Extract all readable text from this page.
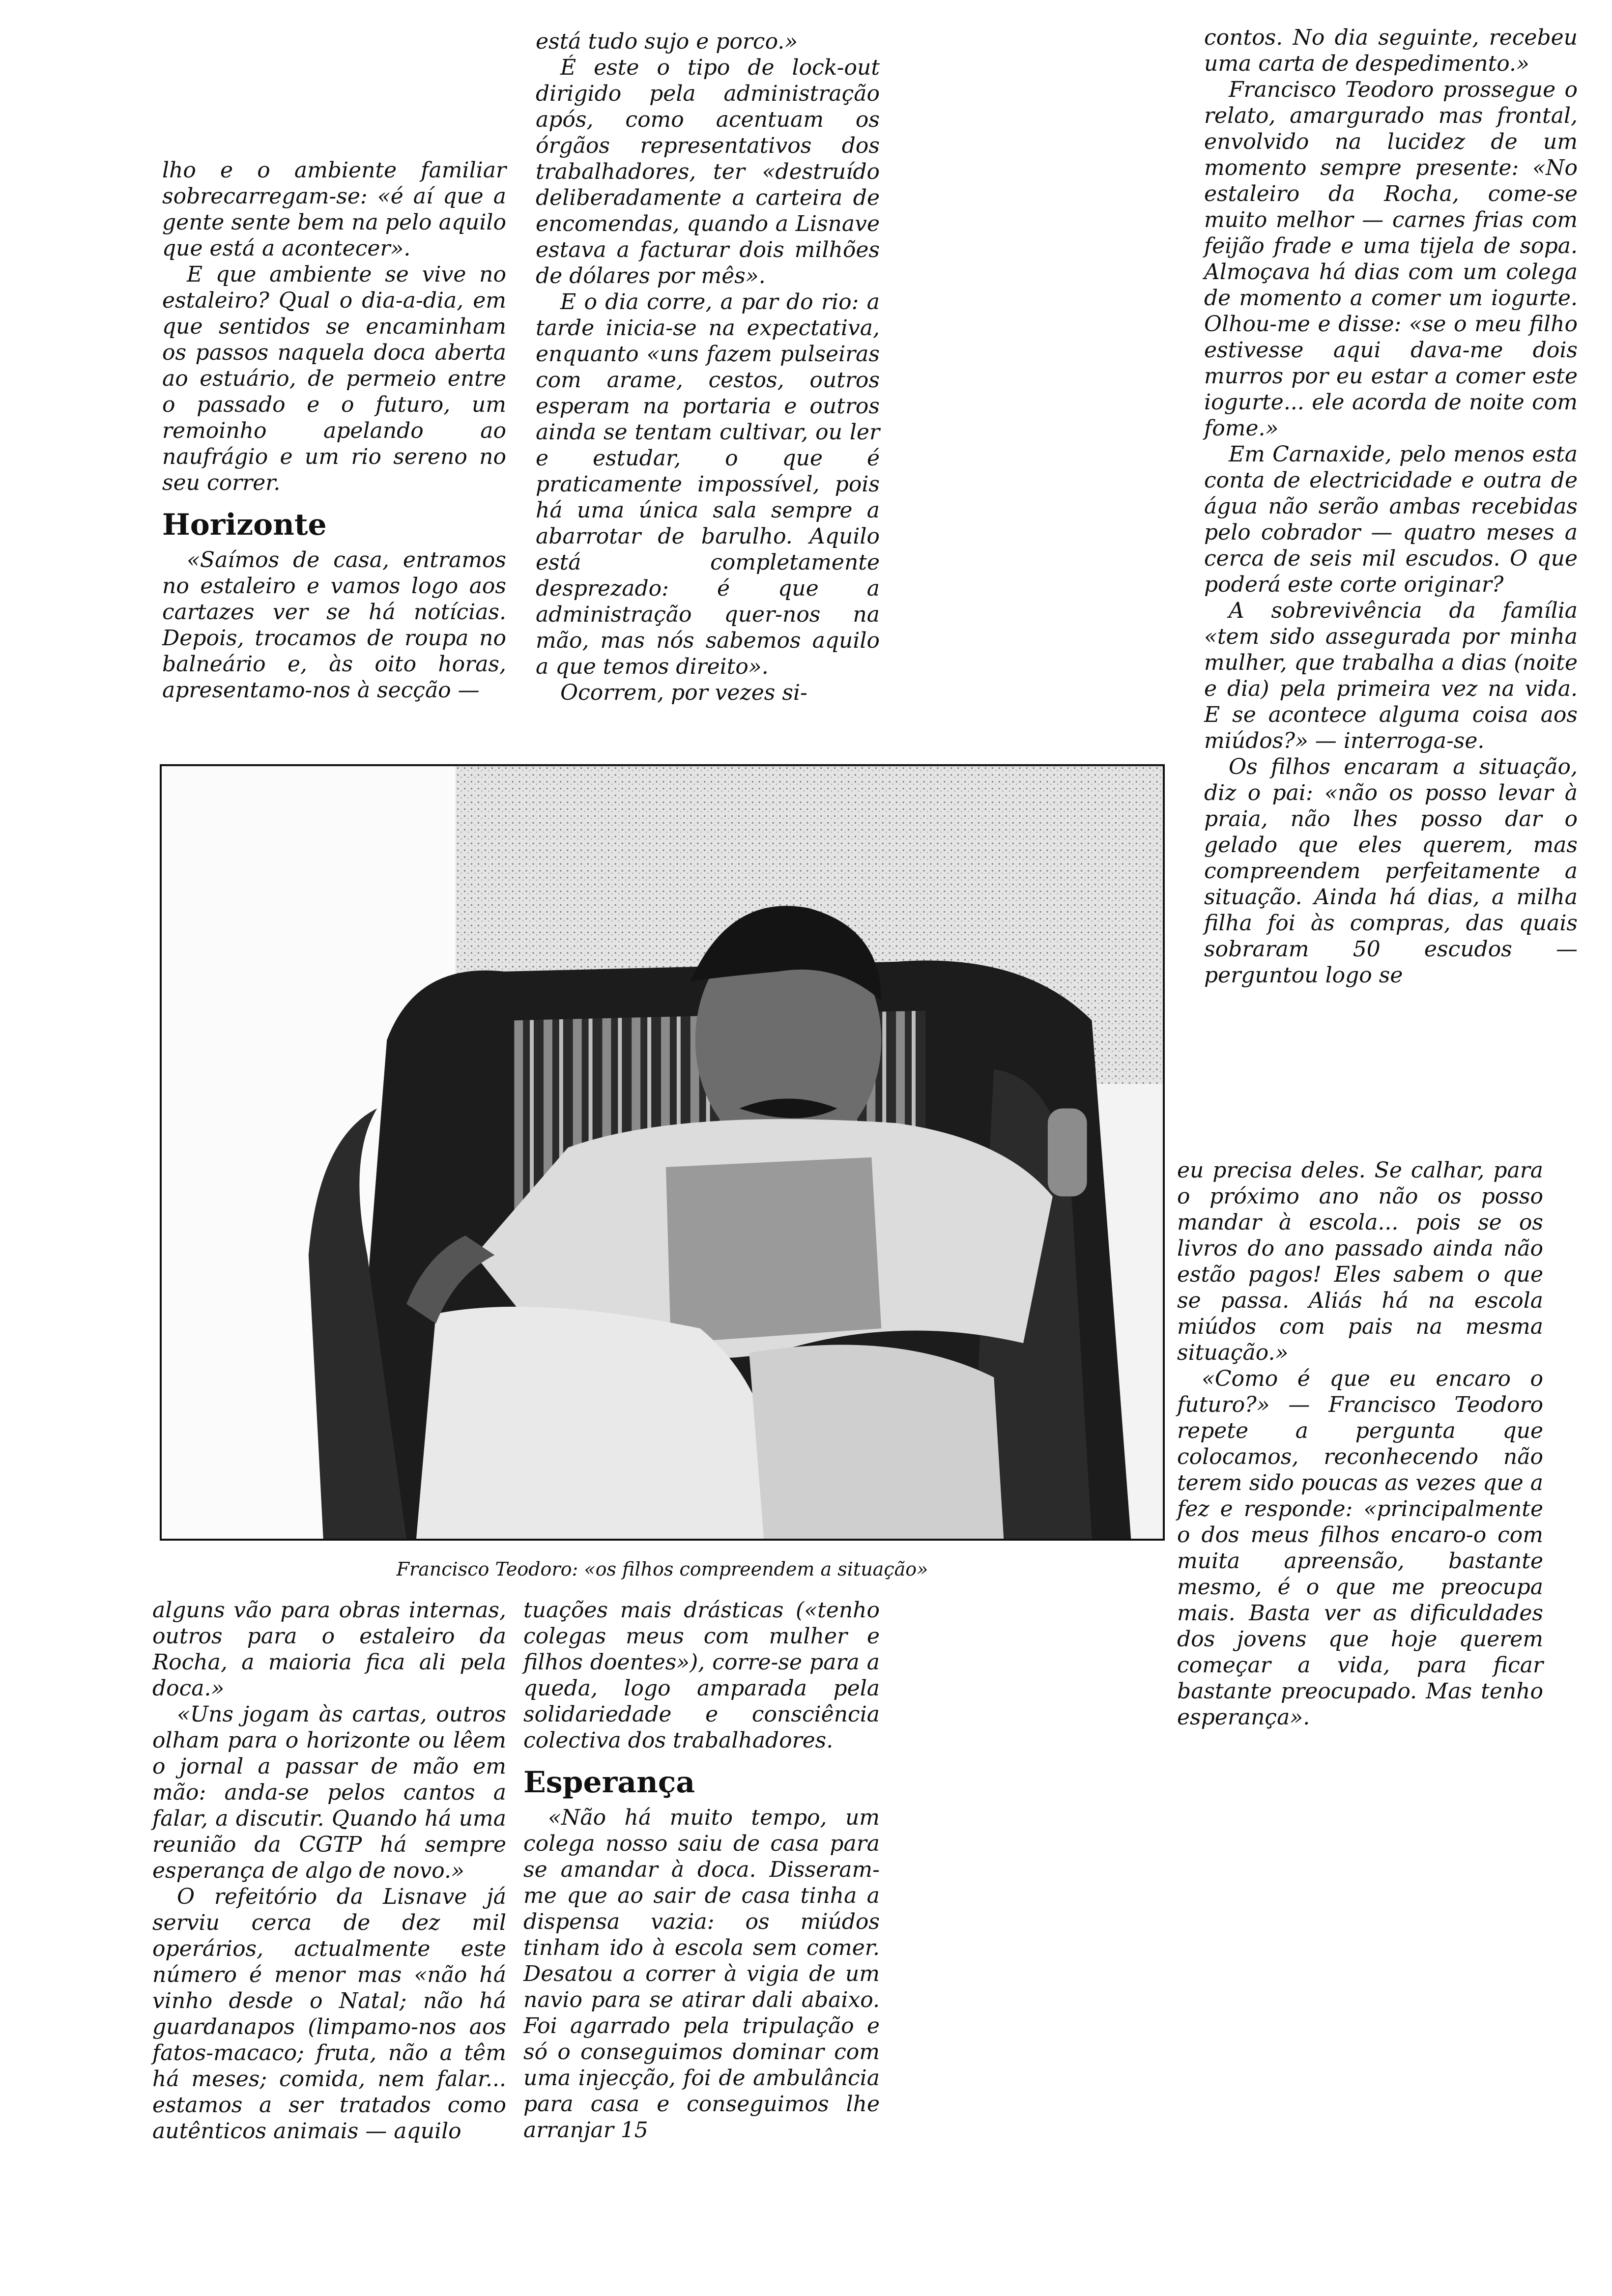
lho e o ambiente familiar sobrecarregam-se: «é aí que a gente sente bem na pelo aquilo que está a acontecer».

E que ambiente se vive no estaleiro? Qual o dia-a-dia, em que sentidos se encaminham os passos naquela doca aberta ao estuário, de permeio entre o passado e o futuro, um remoinho apelando ao naufrágio e um rio sereno no seu correr.

Horizonte

«Saímos de casa, entramos no estaleiro e vamos logo aos cartazes ver se há notícias. Depois, trocamos de roupa no balneário e, às oito horas, apresentamo-nos à secção —

está tudo sujo e porco.»

É este o tipo de lock-out dirigido pela administração após, como acentuam os órgãos representativos dos trabalhadores, ter «destruído deliberadamente a carteira de encomendas, quando a Lisnave estava a facturar dois milhões de dólares por mês».

E o dia corre, a par do rio: a tarde inicia-se na expectativa, enquanto «uns fazem pulseiras com arame, cestos, outros esperam na portaria e outros ainda se tentam cultivar, ou ler e estudar, o que é praticamente impossível, pois há uma única sala sempre a abarrotar de barulho. Aquilo está completamente desprezado: é que a administração quer-nos na mão, mas nós sabemos aquilo a que temos direito».

Ocorrem, por vezes si-

contos. No dia seguinte, recebeu uma carta de despedimento.»

Francisco Teodoro prossegue o relato, amargurado mas frontal, envolvido na lucidez de um momento sempre presente: «No estaleiro da Rocha, come-se muito melhor — carnes frias com feijão frade e uma tijela de sopa. Almoçava há dias com um colega de momento a comer um iogurte. Olhou-me e disse: «se o meu filho estivesse aqui dava-me dois murros por eu estar a comer este iogurte... ele acorda de noite com fome.»

Em Carnaxide, pelo menos esta conta de electricidade e outra de água não serão ambas recebidas pelo cobrador — quatro meses a cerca de seis mil escudos. O que poderá este corte originar?

A sobrevivência da família «tem sido assegurada por minha mulher, que trabalha a dias (noite e dia) pela primeira vez na vida. E se acontece alguma coisa aos miúdos?» — interroga-se.

Os filhos encaram a situação, diz o pai: «não os posso levar à praia, não lhes posso dar o gelado que eles querem, mas compreendem perfeitamente a situação. Ainda há dias, a milha filha foi às compras, das quais sobraram 50 escudos — perguntou logo se

eu precisa deles. Se calhar, para o próximo ano não os posso mandar à escola... pois se os livros do ano passado ainda não estão pagos! Eles sabem o que se passa. Aliás há na escola miúdos com pais na mesma situação.»

«Como é que eu encaro o futuro?» — Francisco Teodoro repete a pergunta que colocamos, reconhecendo não terem sido poucas as vezes que a fez e responde: «principalmente o dos meus filhos encaro-o com muita apreensão, bastante mesmo, é o que me preocupa mais. Basta ver as dificuldades dos jovens que hoje querem começar a vida, para ficar bastante preocupado. Mas tenho esperança».

Francisco Teodoro: «os filhos compreendem a situação»

alguns vão para obras internas, outros para o estaleiro da Rocha, a maioria fica ali pela doca.»

«Uns jogam às cartas, outros olham para o horizonte ou lêem o jornal a passar de mão em mão: anda-se pelos cantos a falar, a discutir. Quando há uma reunião da CGTP há sempre esperança de algo de novo.»

O refeitório da Lisnave já serviu cerca de dez mil operários, actualmente este número é menor mas «não há vinho desde o Natal; não há guardanapos (limpamo-nos aos fatos-macaco; fruta, não a têm há meses; comida, nem falar... estamos a ser tratados como autênticos animais — aquilo

tuações mais drásticas («tenho colegas meus com mulher e filhos doentes»), corre-se para a queda, logo amparada pela solidariedade e consciência colectiva dos trabalhadores.

Esperança

«Não há muito tempo, um colega nosso saiu de casa para se amandar à doca. Disseram-me que ao sair de casa tinha a dispensa vazia: os miúdos tinham ido à escola sem comer. Desatou a correr à vigia de um navio para se atirar dali abaixo. Foi agarrado pela tripulação e só o conseguimos dominar com uma injecção, foi de ambulância para casa e conseguimos lhe arranjar 15
